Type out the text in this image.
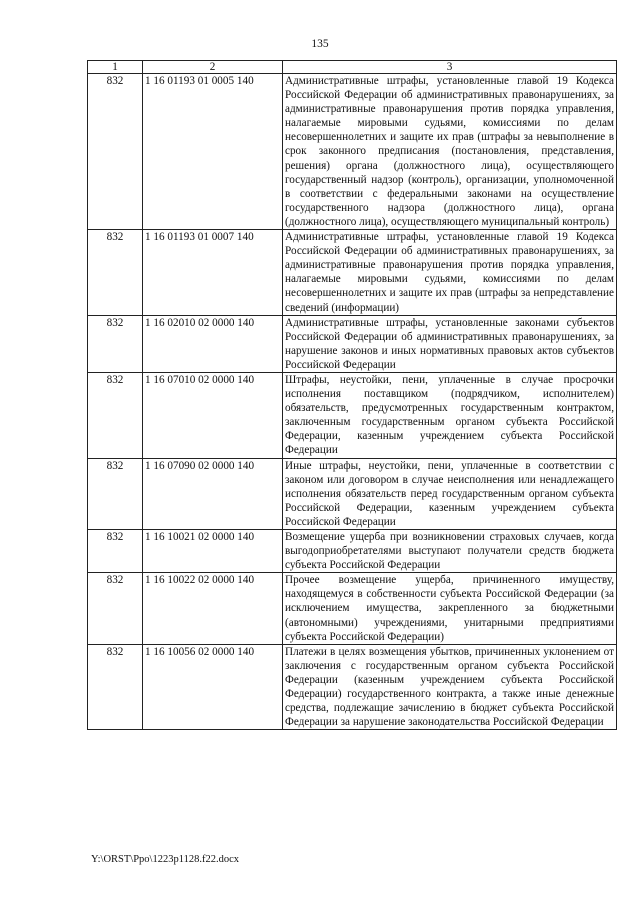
135
1	2	3
832	1 16 01193 01 0005 140	Административные штрафы, установленные главой 19 Кодекса Российской Федерации об административных правонарушениях, за административные правонарушения против порядка управления, налагаемые мировыми судьями, комиссиями по делам несовершеннолетних и защите их прав (штрафы за невыполнение в срок законного предписания (постановления, представления, решения) органа (должностного лица), осуществляющего государственный надзор (контроль), организации, уполномоченной в соответствии с федеральными законами на осуществление государственного надзора (должностного лица), органа (должностного лица), осуществляющего муниципальный контроль)
832	1 16 01193 01 0007 140	Административные штрафы, установленные главой 19 Кодекса Российской Федерации об административных правонарушениях, за административные правонарушения против порядка управления, налагаемые мировыми судьями, комиссиями по делам несовершеннолетних и защите их прав (штрафы за непредставление сведений (информации)
832	1 16 02010 02 0000 140	Административные штрафы, установленные законами субъектов Российской Федерации об административных правонарушениях, за нарушение законов и иных нормативных правовых актов субъектов Российской Федерации
832	1 16 07010 02 0000 140	Штрафы, неустойки, пени, уплаченные в случае просрочки исполнения поставщиком (подрядчиком, исполнителем) обязательств, предусмотренных государственным контрактом, заключенным государственным органом субъекта Российской Федерации, казенным учреждением субъекта Российской Федерации
832	1 16 07090 02 0000 140	Иные штрафы, неустойки, пени, уплаченные в соответствии с законом или договором в случае неисполнения или ненадлежащего исполнения обязательств перед государственным органом субъекта Российской Федерации, казенным учреждением субъекта Российской Федерации
832	1 16 10021 02 0000 140	Возмещение ущерба при возникновении страховых случаев, когда выгодоприобретателями выступают получатели средств бюджета субъекта Российской Федерации
832	1 16 10022 02 0000 140	Прочее возмещение ущерба, причиненного имуществу, находящемуся в собственности субъекта Российской Федерации (за исключением имущества, закрепленного за бюджетными (автономными) учреждениями, унитарными предприятиями субъекта Российской Федерации)
832	1 16 10056 02 0000 140	Платежи в целях возмещения убытков, причиненных уклонением от заключения с государственным органом субъекта Российской Федерации (казенным учреждением субъекта Российской Федерации) государственного контракта, а также иные денежные средства, подлежащие зачислению в бюджет субъекта Российской Федерации за нарушение законодательства Российской Федерации
Y:\ORST\Ppo\1223p1128.f22.docx
